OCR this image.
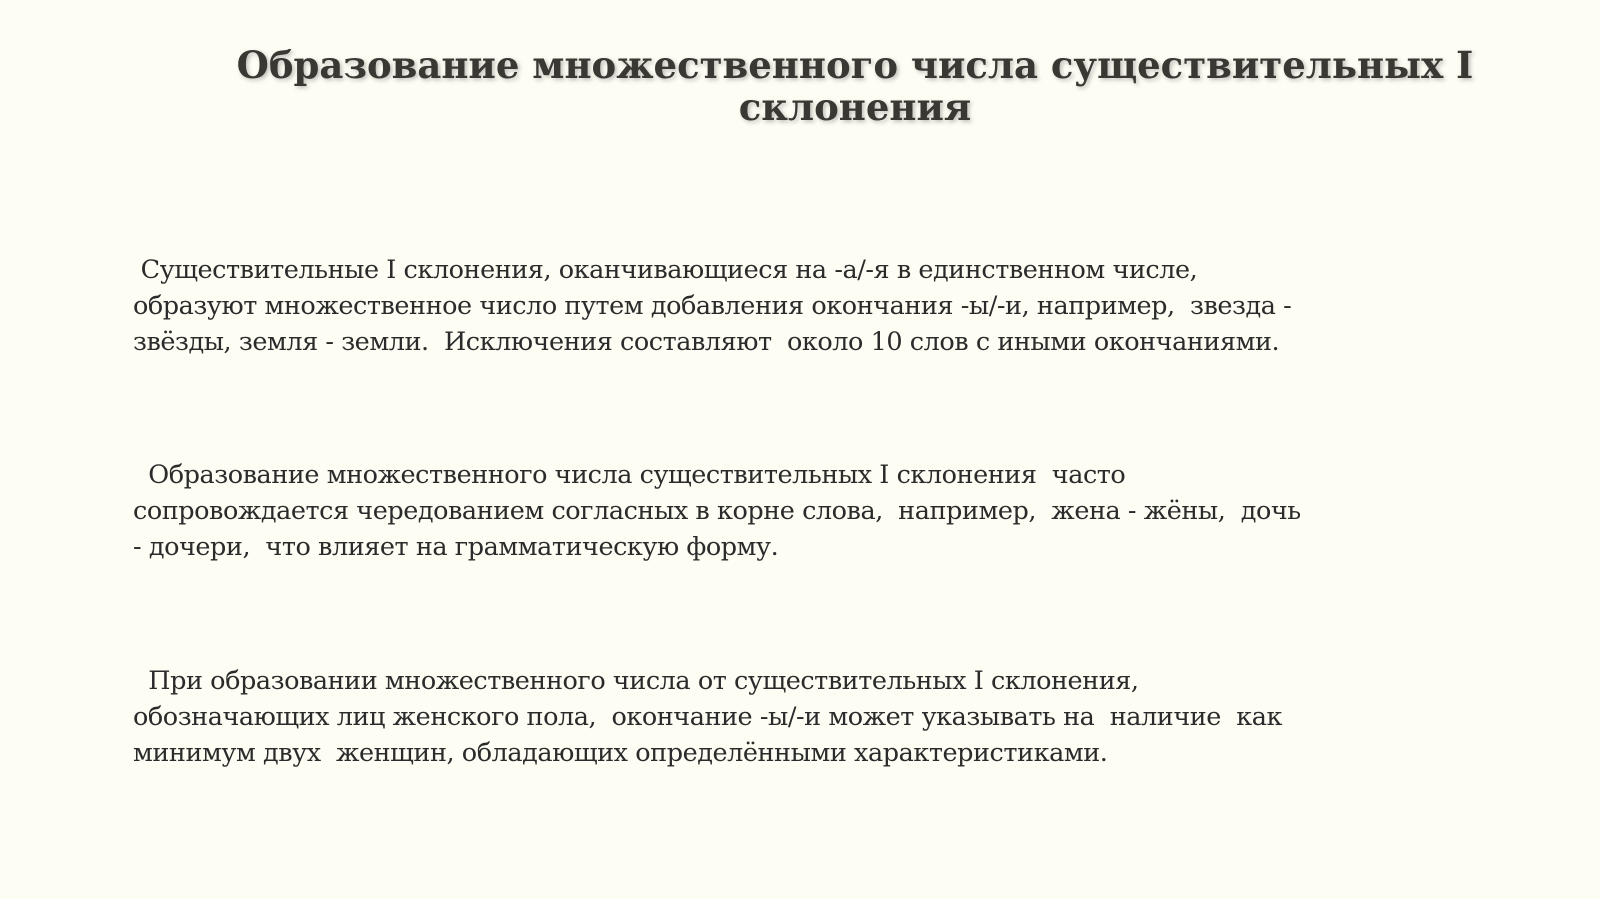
Образование множественного числа существительных I склонения

Существительные I склонения, оканчивающиеся на -а/-я в единственном числе,
образуют множественное число путем добавления окончания -ы/-и, например,  звезда -
звёзды, земля - земли.  Исключения составляют  около 10 слов с иными окончаниями.

Образование множественного числа существительных I склонения  часто
сопровождается чередованием согласных в корне слова,  например,  жена - жёны,  дочь
- дочери,  что влияет на грамматическую форму.

При образовании множественного числа от существительных I склонения,
обозначающих лиц женского пола,  окончание -ы/-и может указывать на  наличие  как
минимум двух  женщин, обладающих определёнными характеристиками.
